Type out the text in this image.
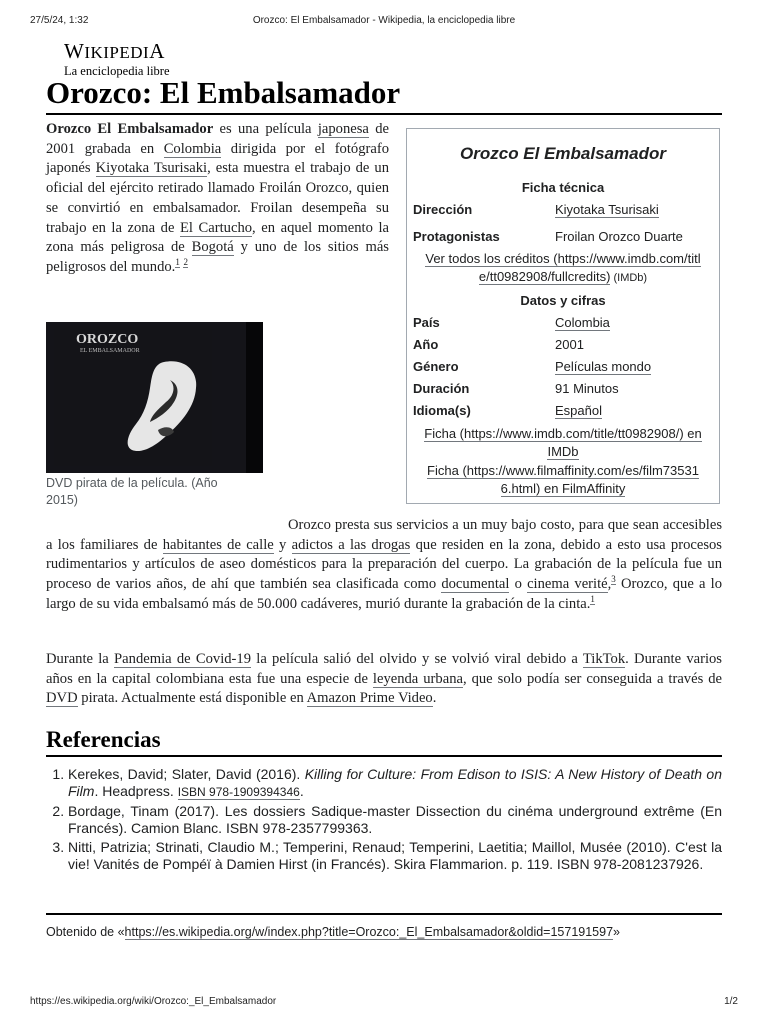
27/5/24, 1:32	Orozco: El Embalsamador - Wikipedia, la enciclopedia libre
WIKIPEDIA
La enciclopedia libre
Orozco: El Embalsamador

Orozco El Embalsamador es una película japonesa de 2001 grabada en Colombia dirigida por el fotógrafo japonés Kiyotaka Tsurisaki, esta muestra el trabajo de un oficial del ejército retirado llamado Froilán Orozco, quien se convirtió en embalsamador. Froilan desempeña su trabajo en la zona de El Cartucho, en aquel momento la zona más peligrosa de Bogotá y uno de los sitios más peligrosos del mundo.$^1$ $^2$

Orozco El Embalsamador
Ficha técnica
Dirección	Kiyotaka Tsurisaki
Protagonistas	Froilan Orozco Duarte
Ver todos los créditos (https://www.imdb.com/titl
e/tt0982908/fullcredits) (IMDb)
Datos y cifras
País	Colombia
Año	2001
Género	Películas mondo
Duración	91 Minutos
Idioma(s)	Español
Ficha (https://www.imdb.com/title/tt0982908/) en
IMDb
Ficha (https://www.filmaffinity.com/es/film73531
6.html) en FilmAffinity
OROZCO
EL EMBALSAMADOR
DVD pirata de la película. (Año 2015)

Orozco presta sus servicios a un muy bajo costo, para que sean accesibles a los familiares de habitantes de calle y adictos a las drogas que residen en la zona, debido a esto usa procesos rudimentarios y artículos de aseo domésticos para la preparación del cuerpo. La grabación de la película fue un proceso de varios años, de ahí que también sea clasificada como documental o cinema verité,$^3$ Orozco, que a lo largo de su vida embalsamó más de 50.000 cadáveres, murió durante la grabación de la cinta.$^1$

Durante la Pandemia de Covid-19 la película salió del olvido y se volvió viral debido a TikTok. Durante varios años en la capital colombiana esta fue una especie de leyenda urbana, que solo podía ser conseguida a través de DVD pirata. Actualmente está disponible en Amazon Prime Video.

Referencias
1. Kerekes, David; Slater, David (2016). Killing for Culture: From Edison to ISIS: A New History of Death on Film. Headpress. ISBN 978-1909394346.
2. Bordage, Tinam (2017). Les dossiers Sadique-master Dissection du cinéma underground extrême (En Francés). Camion Blanc. ISBN 978-2357799363.
3. Nitti, Patrizia; Strinati, Claudio M.; Temperini, Renaud; Temperini, Laetitia; Maillol, Musée (2010). C'est la vie! Vanités de Pompéï à Damien Hirst (in Francés). Skira Flammarion. p. 119. ISBN 978-2081237926.
Obtenido de «https://es.wikipedia.org/w/index.php?title=Orozco:_El_Embalsamador&oldid=157191597»
https://es.wikipedia.org/wiki/Orozco:_El_Embalsamador	1/2
